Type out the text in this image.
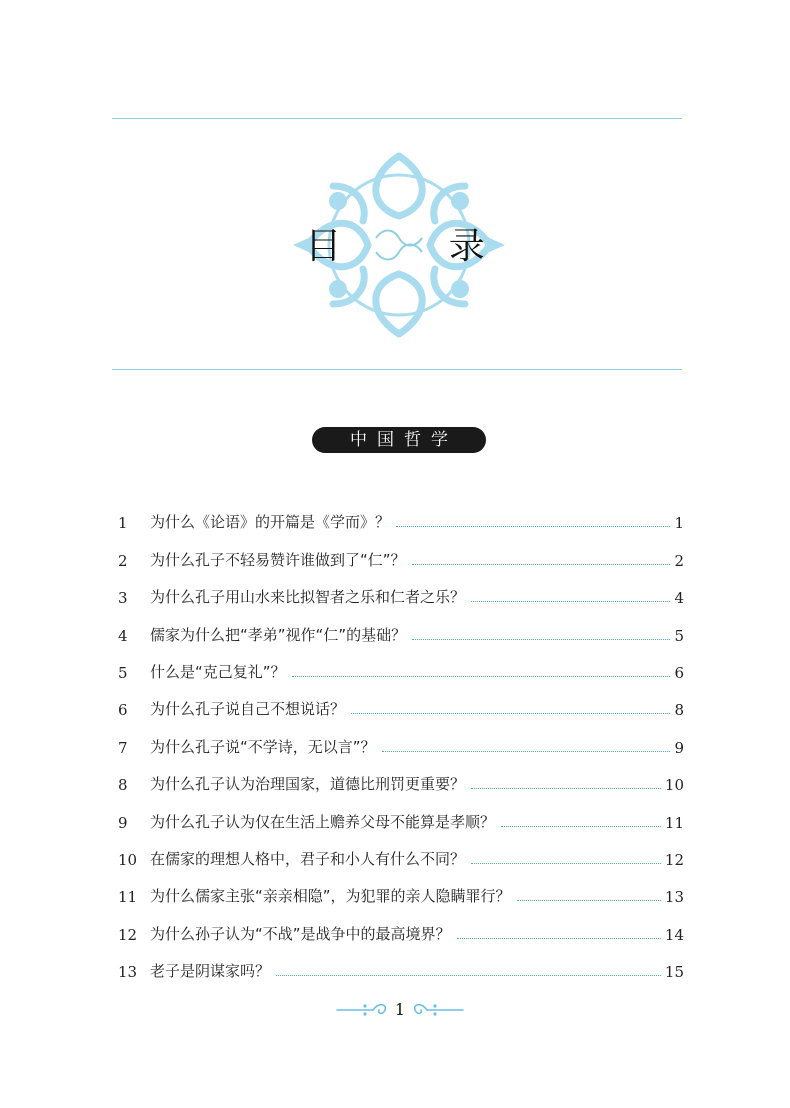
目 录
中国哲学
1	为什么《论语》的开篇是《学而》？	1
2	为什么孔子不轻易赞许谁做到了“仁”？	2
3	为什么孔子用山水来比拟智者之乐和仁者之乐？	4
4	儒家为什么把“孝弟”视作“仁”的基础？	5
5	什么是“克己复礼”？	6
6	为什么孔子说自己不想说话？	8
7	为什么孔子说“不学诗，无以言”？	9
8	为什么孔子认为治理国家，道德比刑罚更重要？	10
9	为什么孔子认为仅在生活上赡养父母不能算是孝顺？	11
10 在儒家的理想人格中，君子和小人有什么不同？	12
11 为什么儒家主张“亲亲相隐”，为犯罪的亲人隐瞒罪行？	13
12 为什么孙子认为“不战”是战争中的最高境界？	14
13 老子是阴谋家吗？	15
1
